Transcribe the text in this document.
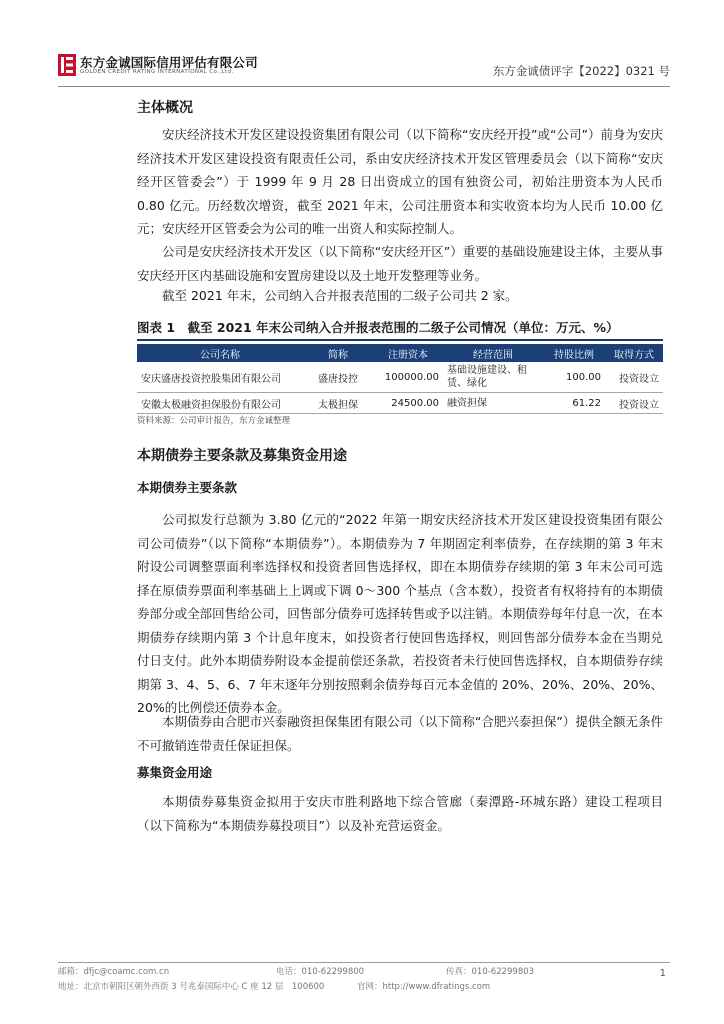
东方金诚国际信用评估有限公司
GOLDEN CREDIT RATING INTERNATIONAL Co.,Ltd.	东方金诚债评字【2022】0321 号
主体概况
安庆经济技术开发区建设投资集团有限公司（以下简称“安庆经开投”或“公司”）前身为安庆经济技术开发区建设投资有限责任公司，系由安庆经济技术开发区管理委员会（以下简称“安庆经开区管委会”）于 1999 年 9 月 28 日出资成立的国有独资公司，初始注册资本为人民币 0.80 亿元。历经数次增资，截至 2021 年末，公司注册资本和实收资本均为人民币 10.00 亿元；安庆经开区管委会为公司的唯一出资人和实际控制人。
公司是安庆经济技术开发区（以下简称“安庆经开区”）重要的基础设施建设主体，主要从事安庆经开区内基础设施和安置房建设以及土地开发整理等业务。
截至 2021 年末，公司纳入合并报表范围的二级子公司共 2 家。
图表 1　截至 2021 年末公司纳入合并报表范围的二级子公司情况（单位：万元、%）
公司名称	简称	注册资本	经营范围	持股比例	取得方式
安庆盛唐投资控股集团有限公司	盛唐投控	100000.00	基础设施建设、租赁、绿化	100.00	投资设立
安徽太极融资担保股份有限公司	太极担保	24500.00	融资担保	61.22	投资设立
资料来源：公司审计报告，东方金诚整理
本期债券主要条款及募集资金用途
本期债券主要条款
公司拟发行总额为 3.80 亿元的“2022 年第一期安庆经济技术开发区建设投资集团有限公司公司债券”（以下简称“本期债券”）。本期债券为 7 年期固定利率债券，在存续期的第 3 年末附设公司调整票面利率选择权和投资者回售选择权，即在本期债券存续期的第 3 年末公司可选择在原债券票面利率基础上上调或下调 0～300 个基点（含本数），投资者有权将持有的本期债券部分或全部回售给公司，回售部分债券可选择转售或予以注销。本期债券每年付息一次，在本期债券存续期内第 3 个计息年度末，如投资者行使回售选择权，则回售部分债券本金在当期兑付日支付。此外本期债券附设本金提前偿还条款，若投资者未行使回售选择权，自本期债券存续期第 3、4、5、6、7 年末逐年分别按照剩余债券每百元本金值的 20%、20%、20%、20%、20%的比例偿还债券本金。
本期债券由合肥市兴泰融资担保集团有限公司（以下简称“合肥兴泰担保”）提供全额无条件不可撤销连带责任保证担保。
募集资金用途
本期债券募集资金拟用于安庆市胜利路地下综合管廊（秦潭路-环城东路）建设工程项目（以下简称为“本期债券募投项目”）以及补充营运资金。
邮箱：dfjc@coamc.com.cn	电话：010-62299800	传真：010-62299803
地址：北京市朝阳区朝外西街 3 号兆泰国际中心 C 座 12 层　100600	官网：http://www.dfratings.com
1
